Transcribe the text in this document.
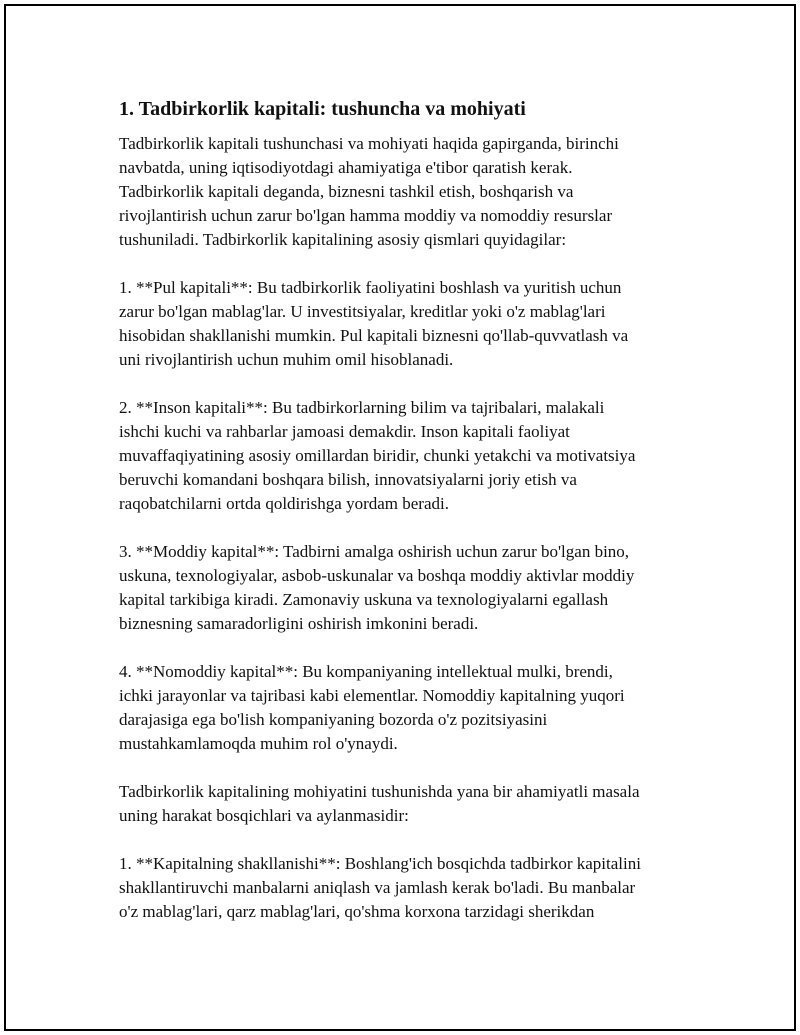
1. Tadbirkorlik kapitali: tushuncha va mohiyati

Tadbirkorlik kapitali tushunchasi va mohiyati haqida gapirganda, birinchi
navbatda, uning iqtisodiyotdagi ahamiyatiga e'tibor qaratish kerak.
Tadbirkorlik kapitali deganda, biznesni tashkil etish, boshqarish va
rivojlantirish uchun zarur bo'lgan hamma moddiy va nomoddiy resurslar
tushuniladi. Tadbirkorlik kapitalining asosiy qismlari quyidagilar:

1. **Pul kapitali**: Bu tadbirkorlik faoliyatini boshlash va yuritish uchun
zarur bo'lgan mablag'lar. U investitsiyalar, kreditlar yoki o'z mablag'lari
hisobidan shakllanishi mumkin. Pul kapitali biznesni qo'llab-quvvatlash va
uni rivojlantirish uchun muhim omil hisoblanadi.

2. **Inson kapitali**: Bu tadbirkorlarning bilim va tajribalari, malakali
ishchi kuchi va rahbarlar jamoasi demakdir. Inson kapitali faoliyat
muvaffaqiyatining asosiy omillardan biridir, chunki yetakchi va motivatsiya
beruvchi komandani boshqara bilish, innovatsiyalarni joriy etish va
raqobatchilarni ortda qoldirishga yordam beradi.

3. **Moddiy kapital**: Tadbirni amalga oshirish uchun zarur bo'lgan bino,
uskuna, texnologiyalar, asbob-uskunalar va boshqa moddiy aktivlar moddiy
kapital tarkibiga kiradi. Zamonaviy uskuna va texnologiyalarni egallash
biznesning samaradorligini oshirish imkonini beradi.

4. **Nomoddiy kapital**: Bu kompaniyaning intellektual mulki, brendi,
ichki jarayonlar va tajribasi kabi elementlar. Nomoddiy kapitalning yuqori
darajasiga ega bo'lish kompaniyaning bozorda o'z pozitsiyasini
mustahkamlamoqda muhim rol o'ynaydi.

Tadbirkorlik kapitalining mohiyatini tushunishda yana bir ahamiyatli masala
uning harakat bosqichlari va aylanmasidir:

1. **Kapitalning shakllanishi**: Boshlang'ich bosqichda tadbirkor kapitalini
shakllantiruvchi manbalarni aniqlash va jamlash kerak bo'ladi. Bu manbalar
o'z mablag'lari, qarz mablag'lari, qo'shma korxona tarzidagi sherikdan
